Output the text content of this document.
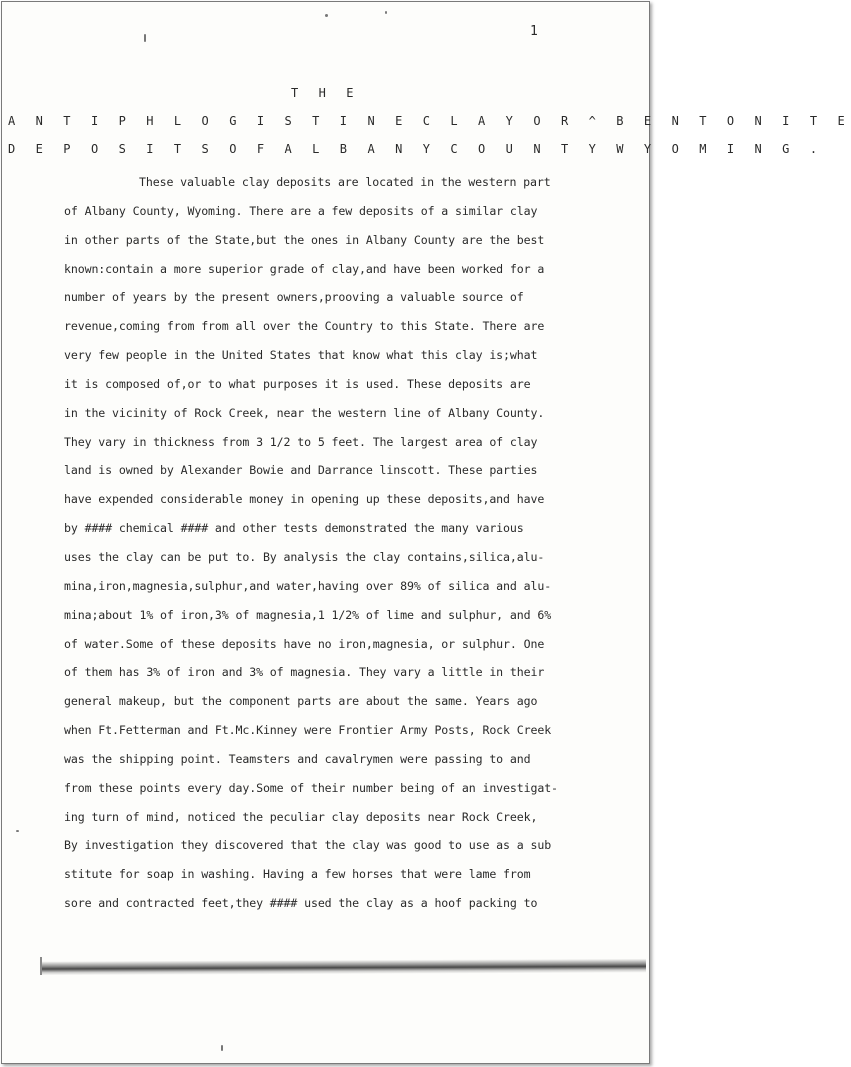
1
T H E
A N T I P H L O G I S T I N E C L A Y O R ^ B E N T O N I T E
D E P O S I T S O F A L B A N Y C O U N T Y W Y O M I N G .
These valuable clay deposits are located in the western part
of Albany County, Wyoming. There are a few deposits of a similar clay
in other parts of the State,but the ones in Albany County are the best
known:contain a more superior grade of clay,and have been worked for a
number of years by the present owners,prooving a valuable source of
revenue,coming from from all over the Country to this State. There are
very few people in the United States that know what this clay is;what
it is composed of,or to what purposes it is used. These deposits are
in the vicinity of Rock Creek, near the western line of Albany County.
They vary in thickness from 3 1/2 to 5 feet. The largest area of clay
land is owned by Alexander Bowie and Darrance linscott. These parties
have expended considerable money in opening up these deposits,and have
by #### chemical #### and other tests demonstrated the many various
uses the clay can be put to. By analysis the clay contains,silica,alu-
mina,iron,magnesia,sulphur,and water,having over 89% of silica and alu-
mina;about 1% of iron,3% of magnesia,1 1/2% of lime and sulphur, and 6%
of water.Some of these deposits have no iron,magnesia, or sulphur. One
of them has 3% of iron and 3% of magnesia. They vary a little in their
general makeup, but the component parts are about the same. Years ago
when Ft.Fetterman and Ft.Mc.Kinney were Frontier Army Posts, Rock Creek
was the shipping point. Teamsters and cavalrymen were passing to and
from these points every day.Some of their number being of an investigat-
ing turn of mind, noticed the peculiar clay deposits near Rock Creek,
By investigation they discovered that the clay was good to use as a sub
stitute for soap in washing. Having a few horses that were lame from
sore and contracted feet,they #### used the clay as a hoof packing to
